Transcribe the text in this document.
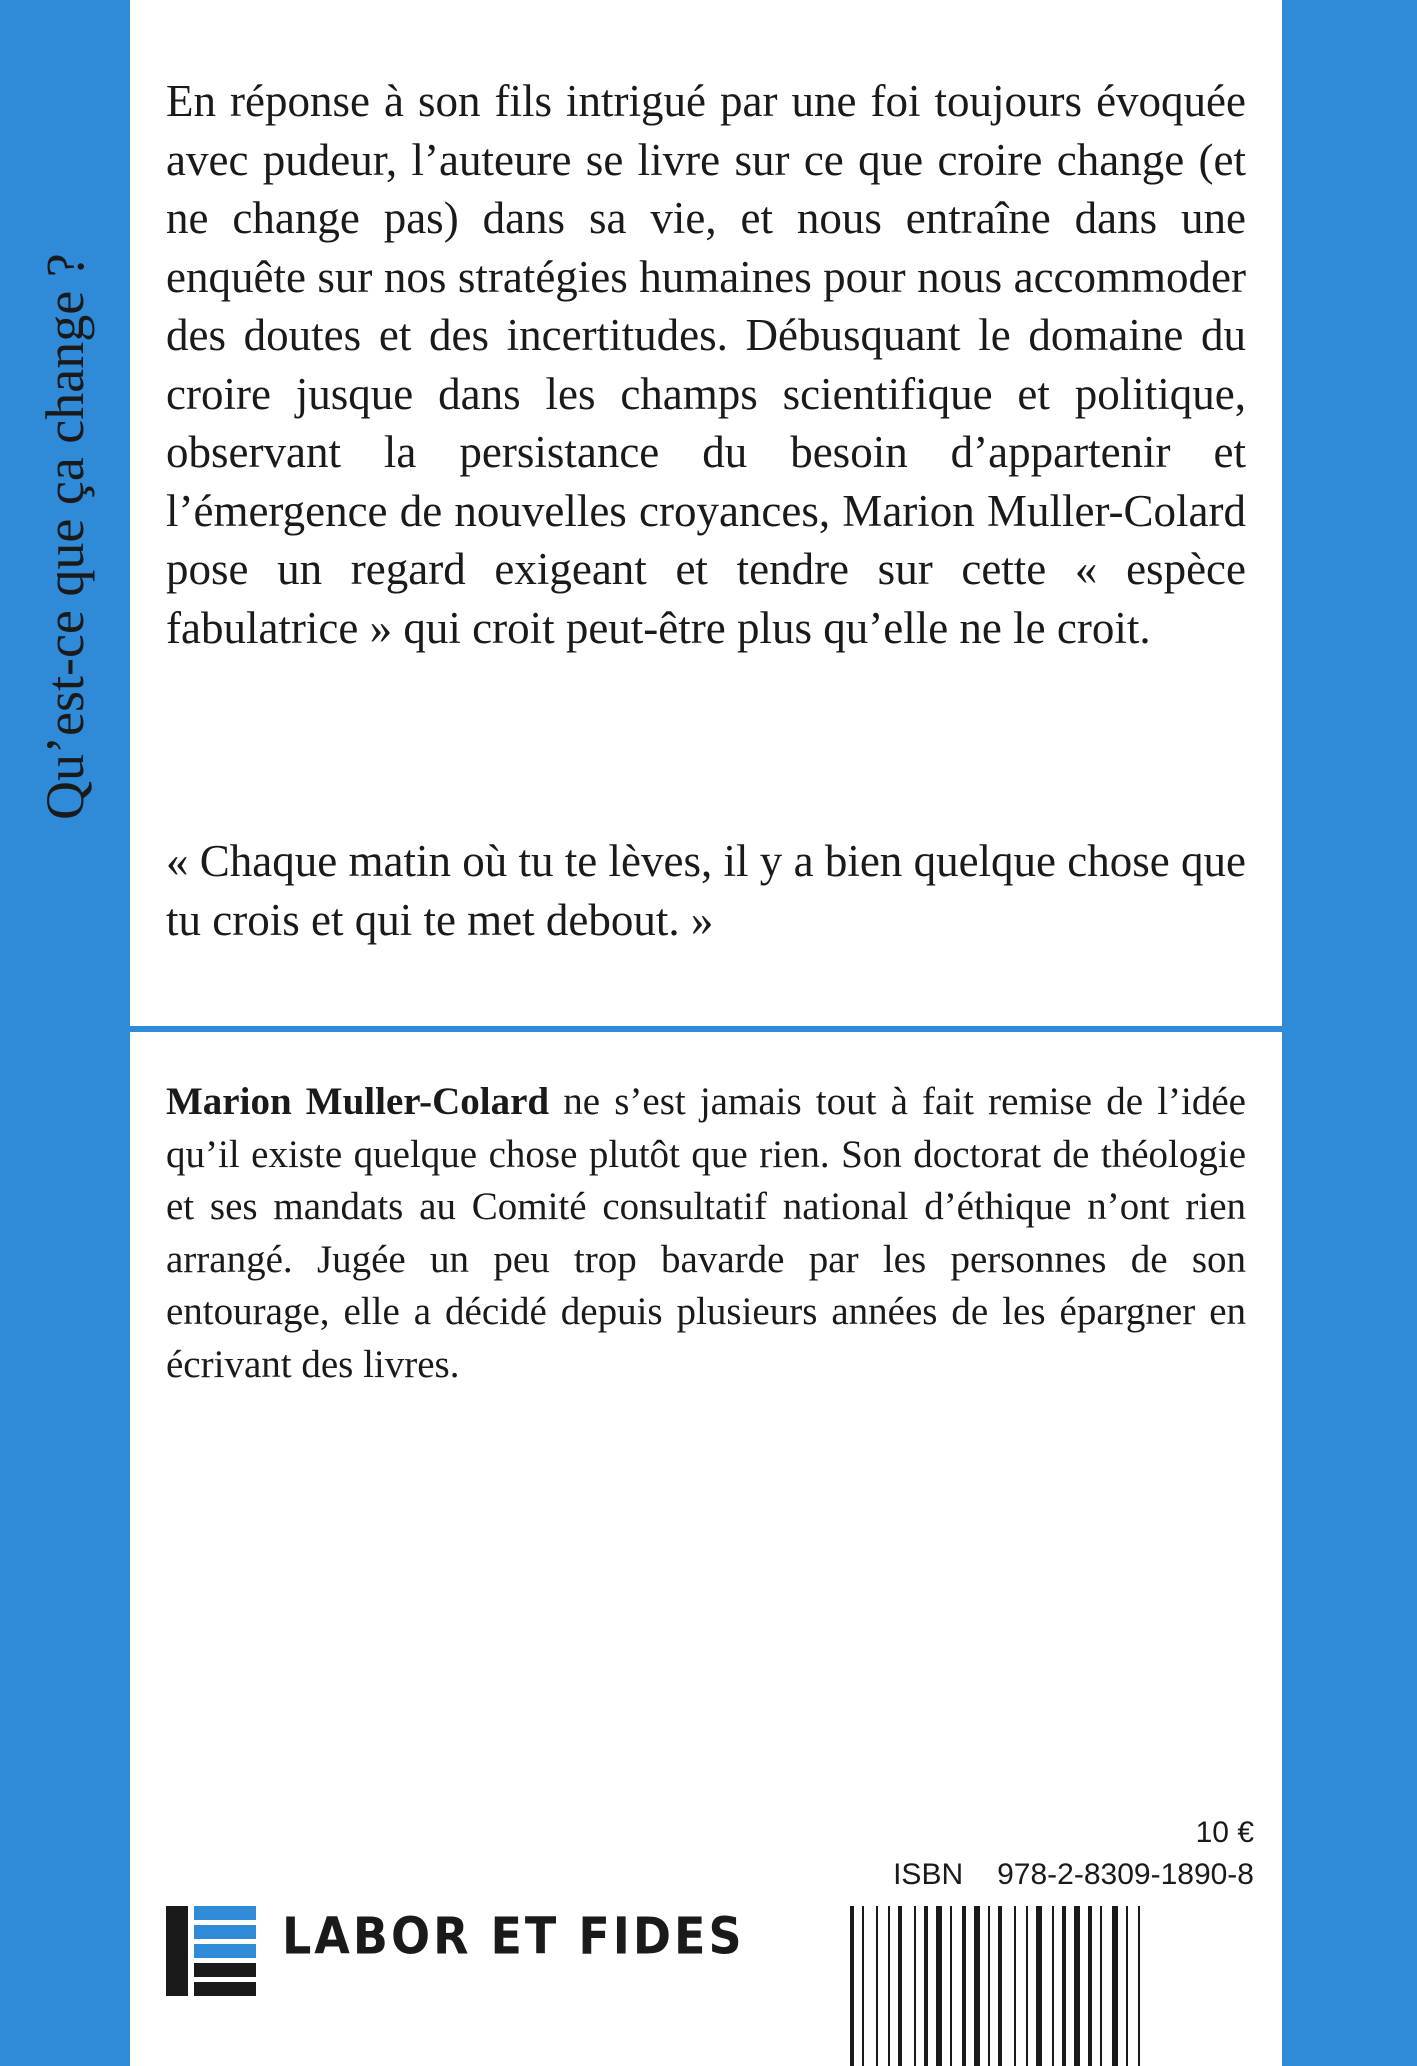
Qu’est-ce que ça change ?

En réponse à son fils intrigué par une foi toujours évoquée avec pudeur, l’auteure se livre sur ce que croire change (et ne change pas) dans sa vie, et nous entraîne dans une enquête sur nos stratégies humaines pour nous accommoder des doutes et des incertitudes. Débusquant le domaine du croire jusque dans les champs scientifique et politique, observant la persistance du besoin d’appartenir et l’émergence de nouvelles croyances, Marion Muller-Colard pose un regard exigeant et tendre sur cette « espèce fabulatrice » qui croit peut-être plus qu’elle ne le croit.

« Chaque matin où tu te lèves, il y a bien quelque chose que tu crois et qui te met debout. »

Marion Muller-Colard ne s’est jamais tout à fait remise de l’idée qu’il existe quelque chose plutôt que rien. Son doctorat de théologie et ses mandats au Comité consultatif national d’éthique n’ont rien arrangé. Jugée un peu trop bavarde par les personnes de son entourage, elle a décidé depuis plusieurs années de les épargner en écrivant des livres.

10 €
ISBN 978-2-8309-1890-8
LABOR ET FIDES
